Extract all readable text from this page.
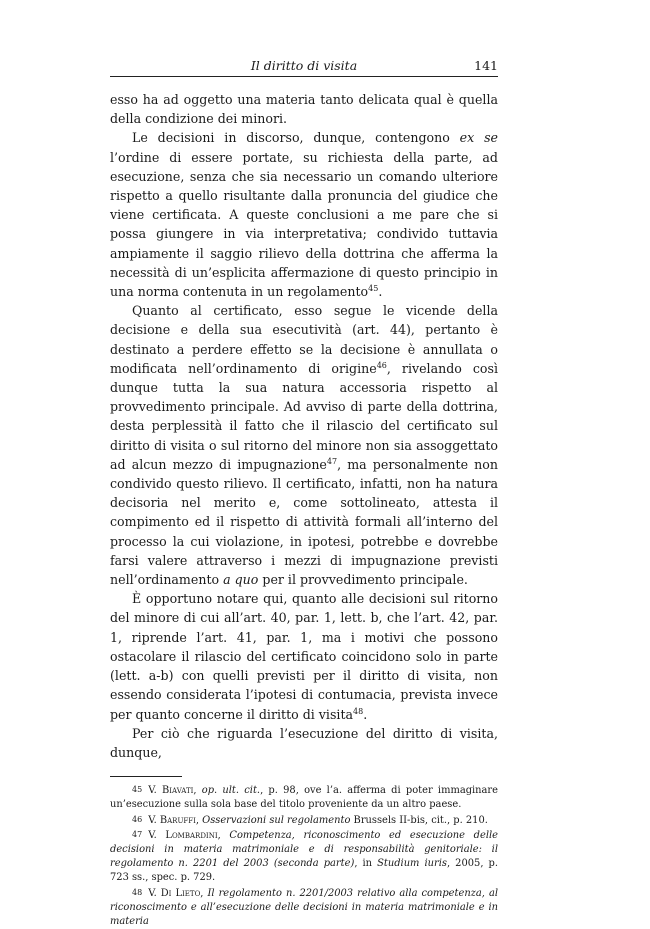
Il diritto di visita	141

esso ha ad oggetto una materia tanto delicata qual è quella della condizione dei minori.

Le decisioni in discorso, dunque, contengono ex se l’ordine di essere portate, su richiesta della parte, ad esecuzione, senza che sia necessario un comando ulteriore rispetto a quello risultante dalla pronuncia del giudice che viene certificata. A queste conclusioni a me pare che si possa giungere in via interpretativa; condivido tuttavia ampiamente il saggio rilievo della dottrina che afferma la necessità di un’esplicita affermazione di questo principio in una norma contenuta in un regolamento$^{45}$.

Quanto al certificato, esso segue le vicende della decisione e della sua esecutività (art. 44), pertanto è destinato a perdere effetto se la decisione è annullata o modificata nell’ordinamento di origine$^{46}$, rivelando così dunque tutta la sua natura accessoria rispetto al provvedimento principale. Ad avviso di parte della dottrina, desta perplessità il fatto che il rilascio del certificato sul diritto di visita o sul ritorno del minore non sia assoggettato ad alcun mezzo di impugnazione$^{47}$, ma personalmente non condivido questo rilievo. Il certificato, infatti, non ha natura decisoria nel merito e, come sottolineato, attesta il compimento ed il rispetto di attività formali all’interno del processo la cui violazione, in ipotesi, potrebbe e dovrebbe farsi valere attraverso i mezzi di impugnazione previsti nell’ordinamento a quo per il provvedimento principale.

È opportuno notare qui, quanto alle decisioni sul ritorno del minore di cui all’art. 40, par. 1, lett. b, che l’art. 42, par. 1, riprende l’art. 41, par. 1, ma i motivi che possono ostacolare il rilascio del certificato coincidono solo in parte (lett. a-b) con quelli previsti per il diritto di visita, non essendo considerata l’ipotesi di contumacia, prevista invece per quanto concerne il diritto di visita$^{48}$.

Per ciò che riguarda l’esecuzione del diritto di visita, dunque,

45 V. Biavati, op. ult. cit., p. 98, ove l’a. afferma di poter immaginare un’esecuzione sulla sola base del titolo proveniente da un altro paese.

46 V. Baruffi, Osservazioni sul regolamento Brussels II-bis, cit., p. 210.

47 V. Lombardini, Competenza, riconoscimento ed esecuzione delle decisioni in materia matrimoniale e di responsabilità genitoriale: il regolamento n. 2201 del 2003 (seconda parte), in Studium iuris, 2005, p. 723 ss., spec. p. 729.

48 V. Di Lieto, Il regolamento n. 2201/2003 relativo alla competenza, al riconoscimento e all’esecuzione delle decisioni in materia matrimoniale e in materia
